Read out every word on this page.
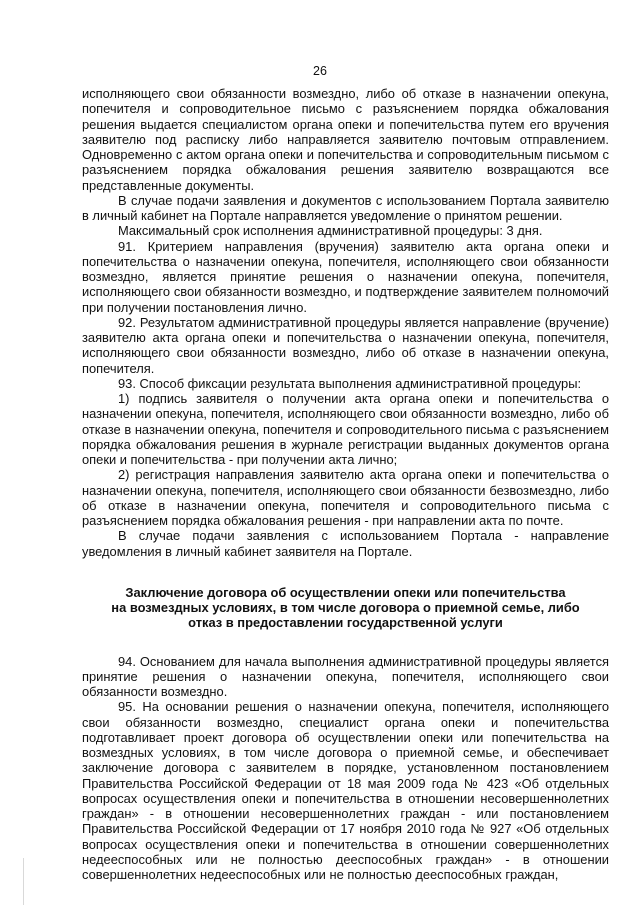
26

исполняющего свои обязанности возмездно, либо об отказе в назначении опекуна, попечителя и сопроводительное письмо с разъяснением порядка обжалования решения выдается специалистом органа опеки и попечительства путем его вручения заявителю под расписку либо направляется заявителю почтовым отправлением. Одновременно с актом органа опеки и попечительства и сопроводительным письмом с разъяснением порядка обжалования решения заявителю возвращаются все представленные документы.

В случае подачи заявления и документов с использованием Портала заявителю в личный кабинет на Портале направляется уведомление о принятом решении.

Максимальный срок исполнения административной процедуры: 3 дня.

91. Критерием направления (вручения) заявителю акта органа опеки и попечительства о назначении опекуна, попечителя, исполняющего свои обязанности возмездно, является принятие решения о назначении опекуна, попечителя, исполняющего свои обязанности возмездно, и подтверждение заявителем полномочий при получении постановления лично.

92. Результатом административной процедуры является направление (вручение) заявителю акта органа опеки и попечительства о назначении опекуна, попечителя, исполняющего свои обязанности возмездно, либо об отказе в назначении опекуна, попечителя.

93. Способ фиксации результата выполнения административной процедуры:

1) подпись заявителя о получении акта органа опеки и попечительства о назначении опекуна, попечителя, исполняющего свои обязанности возмездно, либо об отказе в назначении опекуна, попечителя и сопроводительного письма с разъяснением порядка обжалования решения в журнале регистрации выданных документов органа опеки и попечительства - при получении акта лично;

2) регистрация направления заявителю акта органа опеки и попечительства о назначении опекуна, попечителя, исполняющего свои обязанности безвозмездно, либо об отказе в назначении опекуна, попечителя и сопроводительного письма с разъяснением порядка обжалования решения - при направлении акта по почте.

В случае подачи заявления с использованием Портала - направление уведомления в личный кабинет заявителя на Портале.

Заключение договора об осуществлении опеки или попечительства
на возмездных условиях, в том числе договора о приемной семье, либо
отказ в предоставлении государственной услуги

94. Основанием для начала выполнения административной процедуры является принятие решения о назначении опекуна, попечителя, исполняющего свои обязанности возмездно.

95. На основании решения о назначении опекуна, попечителя, исполняющего свои обязанности возмездно, специалист органа опеки и попечительства подготавливает проект договора об осуществлении опеки или попечительства на возмездных условиях, в том числе договора о приемной семье, и обеспечивает заключение договора с заявителем в порядке, установленном постановлением Правительства Российской Федерации от 18 мая 2009 года № 423 «Об отдельных вопросах осуществления опеки и попечительства в отношении несовершеннолетних граждан» - в отношении несовершеннолетних граждан - или постановлением Правительства Российской Федерации от 17 ноября 2010 года № 927 «Об отдельных вопросах осуществления опеки и попечительства в отношении совершеннолетних недееспособных или не полностью дееспособных граждан» - в отношении совершеннолетних недееспособных или не полностью дееспособных граждан,
